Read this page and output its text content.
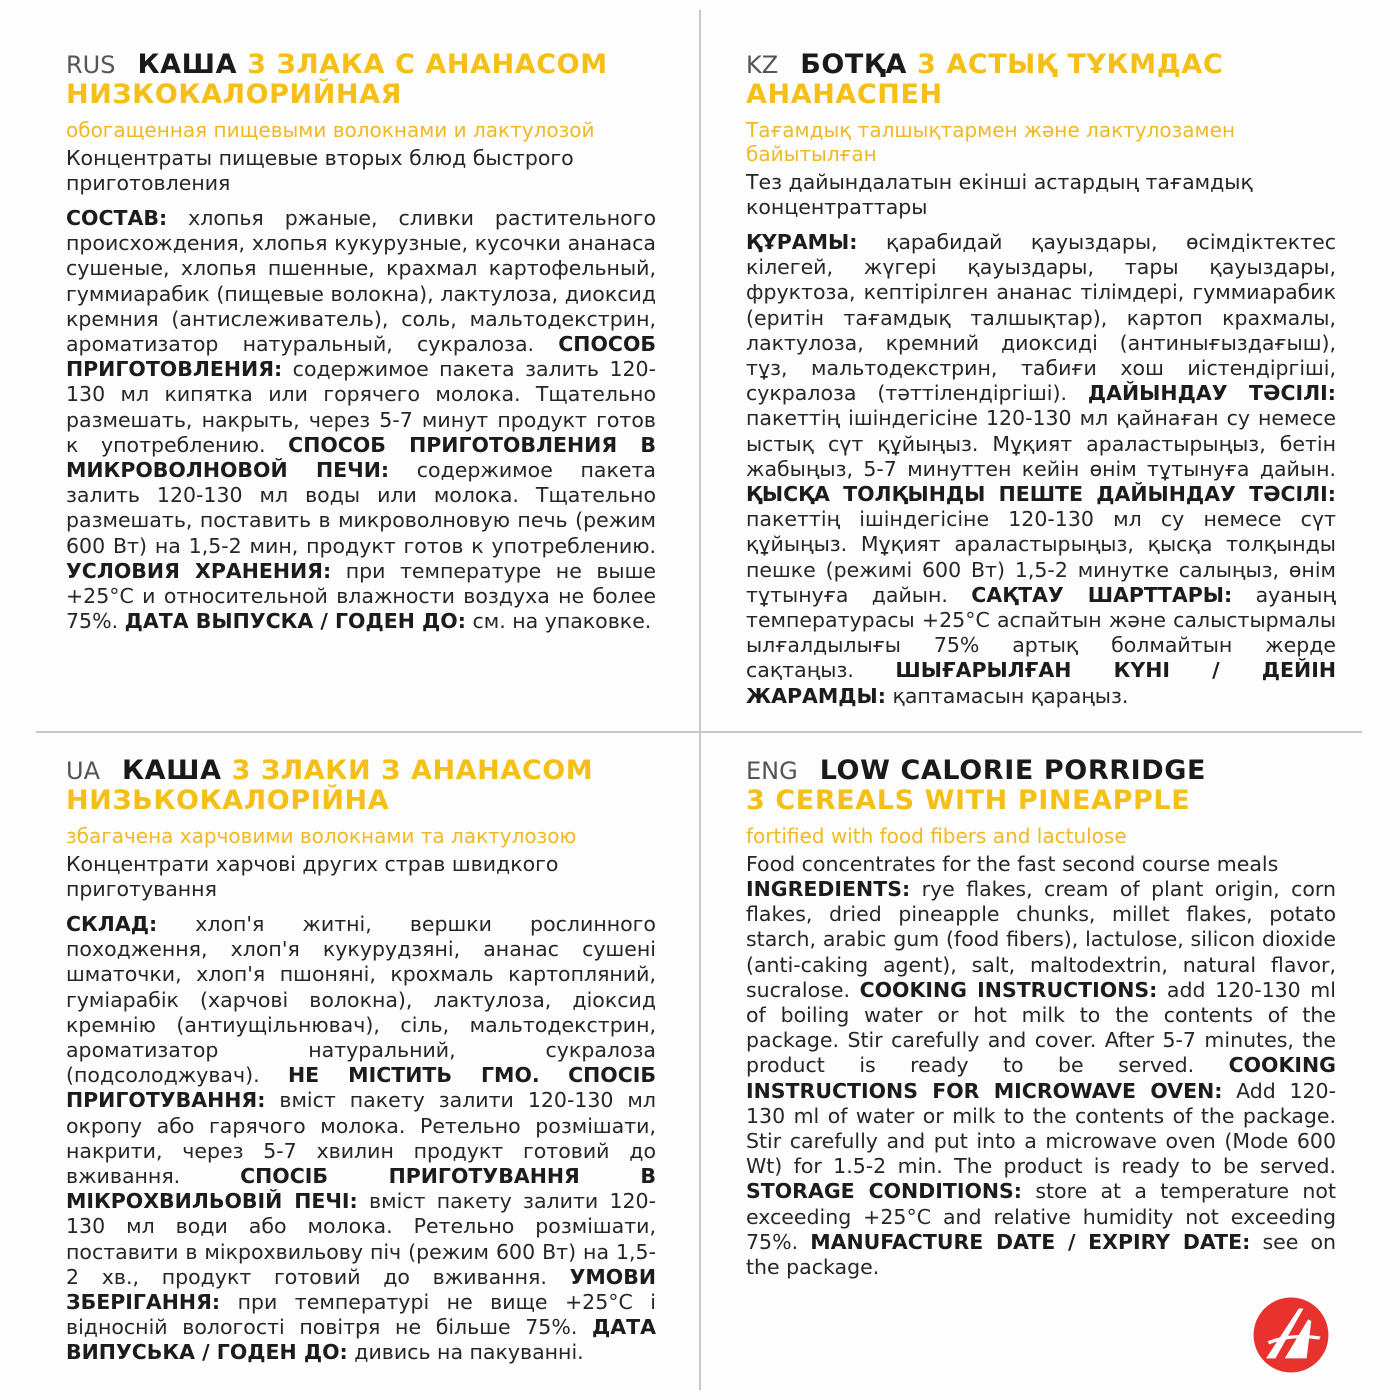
RUS КАША 3 ЗЛАКА С АНАНАСОМ НИЗКОКАЛОРИЙНАЯ
обогащенная пищевыми волокнами и лактулозой
Концентраты пищевые вторых блюд быстрого приготовления
СОСТАВ: хлопья ржаные, сливки растительного происхождения, хлопья кукурузные, кусочки ананаса сушеные, хлопья пшенные, крахмал картофельный, гуммиарабик (пищевые волокна), лактулоза, диоксид кремния (антислеживатель), соль, мальтодекстрин, ароматизатор натуральный, сукралоза. СПОСОБ ПРИГОТОВЛЕНИЯ: содержимое пакета залить 120-130 мл кипятка или горячего молока. Тщательно размешать, накрыть, через 5-7 минут продукт готов к употреблению. СПОСОБ ПРИГОТОВЛЕНИЯ В МИКРОВОЛНОВОЙ ПЕЧИ: содержимое пакета залить 120-130 мл воды или молока. Тщательно размешать, поставить в микроволновую печь (режим 600 Вт) на 1,5-2 мин, продукт готов к употреблению. УСЛОВИЯ ХРАНЕНИЯ: при температуре не выше +25°С и относительной влажности воздуха не более 75%. ДАТА ВЫПУСКА / ГОДЕН ДО: см. на упаковке.
KZ БОТҚА 3 АСТЫҚ ТҰКМДАС АНАНАСПЕН
Тағамдық талшықтармен және лактулозамен байытылған
Тез дайындалатын екінші астардың тағамдық концентраттары
ҚҰРАМЫ: қарабидай қауыздары, өсімдіктектес кілегей, жүгері қауыздары, тары қауыздары, фруктоза, кептірілген ананас тілімдері, гуммиарабик (еритін тағамдық талшықтар), картоп крахмалы, лактулоза, кремний диоксиді (антинығыздағыш), тұз, мальтодекстрин, табиғи хош иістендіргіші, сукралоза (тәттілендіргіші). ДАЙЫНДАУ ТӘСІЛІ: пакеттің ішіндегісіне 120-130 мл қайнаған су немесе ыстық сүт құйыңыз. Мұқият араластырыңыз, бетін жабыңыз, 5-7 минуттен кейін өнім тұтынуға дайын. ҚЫСҚА ТОЛҚЫНДЫ ПЕШТЕ ДАЙЫНДАУ ТӘСІЛІ: пакеттің ішіндегісіне 120-130 мл су немесе сүт құйыңыз. Мұқият араластырыңыз, қысқа толқынды пешке (режимі 600 Вт) 1,5-2 минутке салыңыз, өнім тұтынуға дайын. САҚТАУ ШАРТТАРЫ: ауаның температурасы +25°С аспайтын және салыстырмалы ылғалдылығы 75% артық болмайтын жерде сақтаңыз. ШЫҒАРЫЛҒАН КҮНІ / ДЕЙІН ЖАРАМДЫ: қаптамасын қараңыз.
UA КАША 3 ЗЛАКИ З АНАНАСОМ НИЗЬКОКАЛОРІЙНА
збагачена харчовими волокнами та лактулозою
Концентрати харчові других страв швидкого приготування
СКЛАД: хлоп'я житні, вершки рослинного походження, хлоп'я кукурудзяні, ананас сушені шматочки, хлоп'я пшоняні, крохмаль картопляний, гуміарабік (харчові волокна), лактулоза, діоксид кремнію (антиущільнювач), сіль, мальтодекстрин, ароматизатор натуральний, сукралоза (подсолоджувач). НЕ МІСТИТЬ ГМО. СПОСІБ ПРИГОТУВАННЯ: вміст пакету залити 120-130 мл окропу або гарячого молока. Ретельно розмішати, накрити, через 5-7 хвилин продукт готовий до вживання.	СПОСІБ ПРИГОТУВАННЯ В МІКРОХВИЛЬОВІЙ ПЕЧІ: вміст пакету залити 120-130 мл води або молока. Ретельно розмішати, поставити в мікрохвильову піч (режим 600 Вт) на 1,5-2 хв., продукт готовий до вживання. УМОВИ ЗБЕРІГАННЯ: при температурі не вище +25°С і відносній вологості повітря не більше 75%. ДАТА ВИПУСЬКА / ГОДЕН ДО: дивись на пакуванні.
ENG LOW CALORIE PORRIDGE
3 CEREALS WITH PINEAPPLE
fortified with food fibers and lactulose
Food concentrates for the fast second course meals
INGREDIENTS: rye flakes, cream of plant origin, corn flakes, dried pineapple chunks, millet flakes, potato starch, arabic gum (food fibers), lactulose, silicon dioxide (anti-caking agent), salt, maltodextrin, natural flavor, sucralose. COOKING INSTRUCTIONS: add 120-130 ml of boiling water or hot milk to the contents of the package. Stir carefully and cover. After 5-7 minutes, the product is ready to be served. COOKING INSTRUCTIONS FOR MICROWAVE OVEN: Add 120-130 ml of water or milk to the contents of the package. Stir carefully and put into a microwave oven (Mode 600 Wt) for 1.5-2 min. The product is ready to be served. STORAGE CONDITIONS: store at a temperature not exceeding +25°C and relative humidity not exceeding 75%. MANUFACTURE DATE / EXPIRY DATE: see on the package.
